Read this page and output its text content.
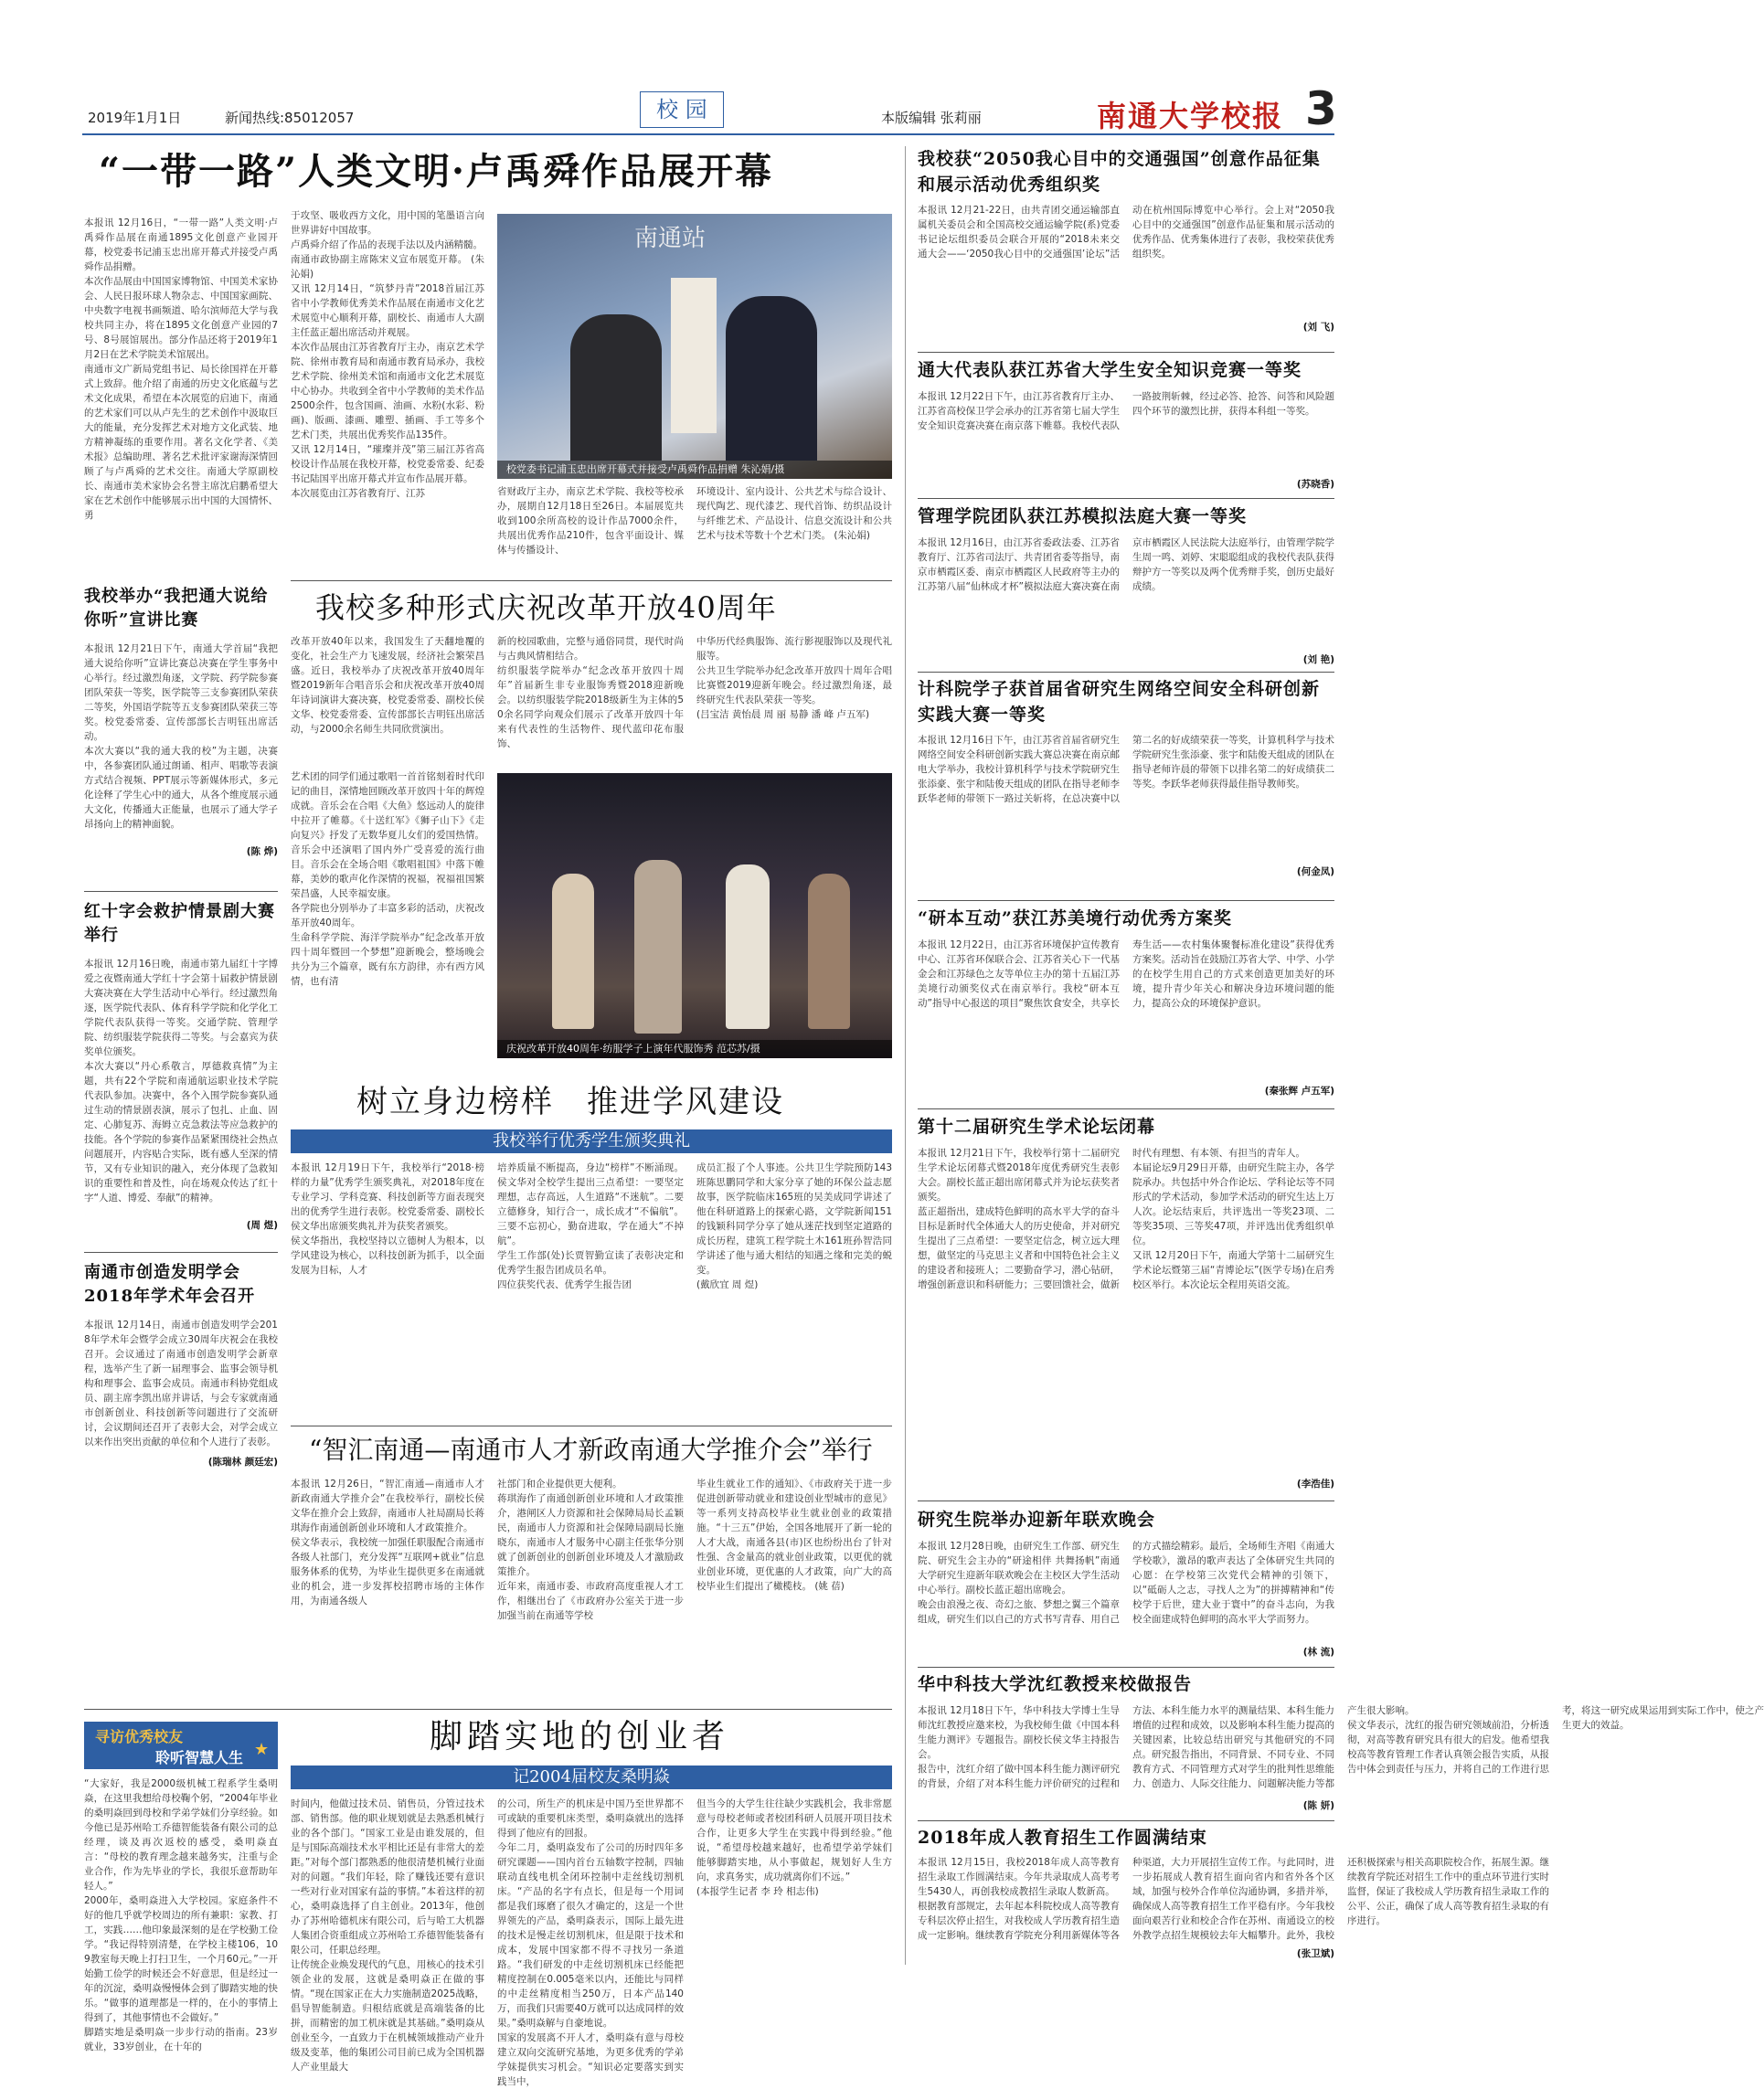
2019年1月1日	新闻热线:85012057	校 园	本版编辑 张莉丽	南通大学校报 3
我校举办“我把通大说给你听”宣讲比赛
本报讯 12月21日下午，南通大学首届“我把通大说给你听”宣讲比赛总决赛在学生事务中心举行。经过激烈角逐，文学院、药学院参赛团队荣获一等奖，医学院等三支参赛团队荣获二等奖，外国语学院等五支参赛团队荣获三等奖。校党委常委、宣传部部长吉明钰出席活动。
本次大赛以“我的通大我的校”为主题，决赛中，各参赛团队通过朗诵、相声、唱歌等表演方式结合视频、PPT展示等新媒体形式，多元化诠释了学生心中的通大，从各个维度展示通大文化，传播通大正能量，也展示了通大学子昂扬向上的精神面貌。
(陈 烨)
红十字会救护情景剧大赛举行
本报讯 12月16日晚，南通市第九届红十字博爱之夜暨南通大学红十字会第十届救护情景剧大赛决赛在大学生活动中心举行。经过激烈角逐，医学院代表队、体育科学学院和化学化工学院代表队获得一等奖。交通学院、管理学院、纺织服装学院获得二等奖。与会嘉宾为获奖单位颁奖。
本次大赛以“丹心系敬言，厚德救真情”为主题，共有22个学院和南通航运职业技术学院代表队参加。决赛中，各个入围学院参赛队通过生动的情景剧表演，展示了包扎、止血、固定、心肺复苏、海姆立克急救法等应急救护的技能。各个学院的参赛作品紧紧围绕社会热点问题展开，内容贴合实际，既有感人至深的情节，又有专业知识的融入，充分体现了急救知识的重要性和普及性，向在场观众传达了红十字“人道、博爱、奉献”的精神。
(周 煜)
南通市创造发明学会2018年学术年会召开
本报讯 12月14日，南通市创造发明学会2018年学术年会暨学会成立30周年庆祝会在我校召开。会议通过了南通市创造发明学会新章程，选举产生了新一届理事会、监事会领导机构和理事会、监事会成员。南通市科协党组成员、副主席李凯出席并讲话，与会专家就南通市创新创业、科技创新等问题进行了交流研讨，会议期间还召开了表彰大会，对学会成立以来作出突出贡献的单位和个人进行了表彰。
(陈瑞林 颜廷宏)
“一带一路”人类文明·卢禹舜作品展开幕
本报讯 12月16日，“一带一路”人类文明·卢禹舜作品展在南通1895文化创意产业园开幕，校党委书记浦玉忠出席开幕式并接受卢禹舜作品捐赠。
本次作品展由中国国家博物馆、中国美术家协会、人民日报环球人物杂志、中国国家画院、中央数字电视书画频道、哈尔滨师范大学与我校共同主办，将在1895文化创意产业园的7号、8号展馆展出。部分作品还将于2019年1月2日在艺术学院美术馆展出。
南通市文广新局党组书记、局长徐国祥在开幕式上致辞。他介绍了南通的历史文化底蕴与艺术文化成果，希望在本次展览的启迪下，南通的艺术家们可以从卢先生的艺术创作中汲取巨大的能量，充分发挥艺术对地方文化武装、地方精神凝练的重要作用。著名文化学者、《美术报》总编助理、著名艺术批评家谢海深情回顾了与卢禹舜的艺术交往。南通大学原副校长、南通市美术家协会名誉主席沈启鹏希望大家在艺术创作中能够展示出中国的大国情怀、勇
于攻坚、吸收西方文化，用中国的笔墨语言向世界讲好中国故事。
卢禹舜介绍了作品的表现手法以及内涵精髓。
南通市政协副主席陈宋义宣布展览开幕。 (朱沁娟)
又讯 12月14日，“筑梦丹青”2018首届江苏省中小学教师优秀美术作品展在南通市文化艺术展览中心顺利开幕，副校长、南通市人大副主任蓝正超出席活动并观展。
本次作品展由江苏省教育厅主办，南京艺术学院、徐州市教育局和南通市教育局承办，我校艺术学院、徐州美术馆和南通市文化艺术展览中心协办。共收到全省中小学教师的美术作品2500余件，包含国画、油画、水粉(水彩、粉画)、版画、漆画、雕塑、插画、手工等多个艺术门类，共展出优秀奖作品135件。
又讯 12月14日，“璀璨并茂”第三届江苏省高校设计作品展在我校开幕，校党委常委、纪委书记陆国平出席开幕式并宣布作品展开幕。
本次展览由江苏省教育厅、江苏
南通站
校党委书记浦玉忠出席开幕式并接受卢禹舜作品捐赠 朱沁娟/摄
省财政厅主办，南京艺术学院、我校等校承办，展期自12月18日至26日。本届展览共收到100余所高校的设计作品7000余件，共展出优秀作品210件，包含平面设计、媒体与传播设计、
环境设计、室内设计、公共艺术与综合设计、现代陶艺、现代漆艺、现代首饰、纺织品设计与纤维艺术、产品设计、信息交流设计和公共艺术与技术等数十个艺术门类。 (朱沁娟)
我校多种形式庆祝改革开放40周年
改革开放40年以来，我国发生了天翻地覆的变化，社会生产力飞速发展，经济社会繁荣昌盛。近日，我校举办了庆祝改革开放40周年暨2019新年合唱音乐会和庆祝改革开放40周年诗词演讲大赛决赛，校党委常委、副校长侯文华、校党委常委、宣传部部长吉明钰出席活动，与2000余名师生共同欣赏演出。
艺术团的同学们通过歌唱一首首铭刻着时代印记的曲目，深情地回顾改革开放四十年的辉煌成就。音乐会在合唱《大鱼》悠远动人的旋律中拉开了帷幕。《十送红军》《狮子山下》《走向复兴》抒发了无数华夏儿女们的爱国热情。音乐会中还演唱了国内外广受喜爱的流行曲目。音乐会在全场合唱《歌唱祖国》中落下帷幕，美妙的歌声化作深情的祝福，祝福祖国繁荣昌盛，人民幸福安康。
各学院也分别举办了丰富多彩的活动，庆祝改革开放40周年。
生命科学学院、海洋学院举办“纪念改革开放四十周年暨回一个梦想”迎新晚会，整场晚会共分为三个篇章，既有东方韵律，亦有西方风情，也有清
新的校园歌曲，完整与通俗同贯，现代时尚与古典风情相结合。
纺织服装学院举办“纪念改革开放四十周年”首届新生非专业服饰秀暨2018迎新晚会。以纺织服装学院2018级新生为主体的50余名同学向观众们展示了改革开放四十年来有代表性的生活物件、现代蓝印花布服饰、
中华历代经典服饰、流行影视服饰以及现代礼服等。
公共卫生学院举办纪念改革开放四十周年合唱比赛暨2019迎新年晚会。经过激烈角逐，最终研究生代表队荣获一等奖。
(吕宝洁 黄怡晨 周 丽 易静 潘 峰 卢五军)
庆祝改革开放40周年·纺服学子上演年代服饰秀 范芯苏/摄
树立身边榜样　推进学风建设
我校举行优秀学生颁奖典礼
本报讯 12月19日下午，我校举行“2018·榜样的力量”优秀学生颁奖典礼，对2018年度在专业学习、学科竞赛、科技创新等方面表现突出的优秀学生进行表彰。校党委常委、副校长侯文华出席颁奖典礼并为获奖者颁奖。
侯文华指出，我校坚持以立德树人为根本，以学风建设为核心，以科技创新为抓手，以全面发展为目标，人才
培养质量不断提高，身边“榜样”不断涌现。侯文华对全校学生提出三点希望：一要坚定理想，志存高远，人生道路“不迷航”。二要立德修身，知行合一，成长成才“不偏航”。三要不忘初心，勤奋进取，学在通大“不掉航”。
学生工作部(处)长贾智勤宣读了表彰决定和优秀学生报告团成员名单。
四位获奖代表、优秀学生报告团
成员汇报了个人事迹。公共卫生学院预防143班陈思鹏同学和大家分享了她的环保公益志愿故事，医学院临床165班的吴美成同学讲述了他在科研道路上的探索心路，文学院新闻151的钱颖科同学分享了她从迷茫找到坚定道路的成长历程，建筑工程学院土木161班孙智浩同学讲述了他与通大相结的知遇之缘和完美的蜕变。
(戴欣宜 周 煜)
“智汇南通—南通市人才新政南通大学推介会”举行
本报讯 12月26日，“智汇南通—南通市人才新政南通大学推介会”在我校举行，副校长侯文华在推介会上致辞，南通市人社局副局长蒋琪海作南通创新创业环境和人才政策推介。
侯文华表示，我校统一加强任职服配合南通市各级人社部门，充分发挥“互联网+就业”信息服务体系的优势，为毕业生提供更多在南通就业的机会，进一步发挥校招聘市场的主体作用，为南通各级人
社部门和企业提供更大便利。
蒋琪海作了南通创新创业环境和人才政策推介，港闸区人力资源和社会保障局局长孟颖民，南通市人力资源和社会保障局副局长施晓东，南通市人才服务中心副主任张华分别就了创新创业的创新创业环境及人才激励政策推介。
近年来，南通市委、市政府高度重视人才工作，相继出台了《市政府办公室关于进一步加强当前在南通等学校
毕业生就业工作的通知》、《市政府关于进一步促进创新带动就业和建设创业型城市的意见》等一系列支持高校毕业生就业创业的政策措施。“十三五”伊始，全国各地展开了新一轮的人才大战，南通各县(市)区也纷纷出台了针对性强、含金量高的就业创业政策，以更优的就业创业环境，更优惠的人才政策，向广大的高校毕业生们提出了橄榄枝。 (姚 蓓)
寻访优秀校友
聆听智慧人生 ★	脚踏实地的创业者
记2004届校友桑明焱
“大家好，我是2000级机械工程系学生桑明焱，在这里我想给母校鞠个躬，“2004年毕业的桑明焱回到母校和学弟学妹们分享经验。如今他已是苏州哈工乔德智能装备有限公司的总经理，谈及再次返校的感受，桑明焱直言：“母校的教育理念越来越务实，注重与企业合作，作为先毕业的学长，我很乐意帮助年轻人。”
2000年，桑明焱进入大学校园。家庭条件不好的他几乎就学校周边的所有兼职：家教、打工，实践……他印象最深刻的是在学校勤工俭学。“我记得特别清楚，在学校主楼106，109教室每天晚上打扫卫生，一个月60元。”一开始勤工俭学的时候还会不好意思，但是经过一年的沉淀，桑明焱慢慢体会到了脚踏实地的快乐。“做事的道理都是一样的，在小的事情上得到了，其他事情也不会做好。”
脚踏实地是桑明焱一步步行动的指南。23岁就业，33岁创业，在十年的
时间内，他做过技术员、销售员，分管过技术部、销售部。他的职业规划就是去熟悉机械行业的各个部门。“国家工业是由谁发展的，但是与国际高端技术水平相比还是有非常大的差距。”对每个部门都熟悉的他很清楚机械行业面对的问题。“我们年轻，除了赚钱还要有意识一些对行业对国家有益的事情。”本着这样的初心，桑明焱选择了自主创业。2013年，他创办了苏州哈德机床有限公司，后与哈工大机器人集团合资重组成立苏州哈工乔德智能装备有限公司，任职总经理。
让传统企业焕发现代的气息，用核心的技术引领企业的发展，这就是桑明焱正在做的事情。“现在国家正在大力实施制造2025战略，倡导智能制造。归根结底就是高端装备的比拼，而精密的加工机床就是其基础。”桑明焱从创业至今，一直致力于在机械领域推动产业升级及变革，他的集团公司目前已成为全国机器人产业里最大
的公司，所生产的机床是中国乃至世界都不可或缺的重要机床类型，桑明焱就出的选择得到了他应有的回报。
今年二月，桑明焱发布了公司的历时四年多研究课题——国内首台五轴数字控制，四轴联动直线电机全闭环控制中走丝线切割机床。“产品的名字有点长，但是每一个用词都是我们琢磨了很久才确定的，这是一个世界领先的产品，桑明焱表示，国际上最先进的技术是慢走丝切割机床，但是限于技术和成本，发展中国家都不得不寻找另一条道路。“我们研发的中走丝切割机床已经能把精度控制在0.005毫米以内，还能比与同样的中走丝精度相当250万，日本产品140万，而我们只需要40万就可以达成同样的效果。”桑明焱解与自豪地说。
国家的发展离不开人才，桑明焱有意与母校建立双向交流研究基地，为更多优秀的学弟学妹提供实习机会。“知识必定要落实到实践当中，
但当今的大学生往往缺少实践机会，我非常愿意与母校老师或者校团科研人员展开项目技术合作，让更多大学生在实践中得到经验。”他说，“希望母校越来越好，也希望学弟学妹们能够脚踏实地，从小事做起，规划好人生方向，求真务实，成功就离你们不远。”
(本报学生记者 李 玲 相志伟)
我校获“2050我心目中的交通强国”创意作品征集和展示活动优秀组织奖
本报讯 12月21-22日，由共青团交通运输部直属机关委员会和全国高校交通运输学院(系)党委书记论坛组织委员会联合开展的“2018未来交通大会——‘2050我心目中的交通强国’论坛”活动在杭州国际博览中心举行。会上对“2050我心目中的交通强国”创意作品征集和展示活动的优秀作品、优秀集体进行了表彰，我校荣获优秀组织奖。
(刘 飞)
通大代表队获江苏省大学生安全知识竞赛一等奖
本报讯 12月22日下午，由江苏省教育厅主办、江苏省高校保卫学会承办的江苏省第七届大学生安全知识竞赛决赛在南京落下帷幕。我校代表队一路披荆斩棘，经过必答、抢答、问答和风险题四个环节的激烈比拼，获得本科组一等奖。
(苏晓香)
管理学院团队获江苏模拟法庭大赛一等奖
本报讯 12月16日，由江苏省委政法委、江苏省教育厅、江苏省司法厅、共青团省委等指导，南京市栖霞区委、南京市栖霞区人民政府等主办的江苏第八届“仙林成才杯”模拟法庭大赛决赛在南京市栖霞区人民法院大法庭举行，由管理学院学生周一鸣、刘婷、宋聪聪组成的我校代表队获得辩护方一等奖以及两个优秀辩手奖，创历史最好成绩。
(刘 艳)
计科院学子获首届省研究生网络空间安全科研创新实践大赛一等奖
本报讯 12月16日下午，由江苏省首届省研究生网络空间安全科研创新实践大赛总决赛在南京邮电大学举办，我校计算机科学与技术学院研究生张添豪、张宇和陆俊天组成的团队在指导老师李跃华老师的带领下一路过关斩将，在总决赛中以第二名的好成绩荣获一等奖，计算机科学与技术学院研究生张添豪、张宇和陆俊天组成的团队在指导老师许晨的带领下以排名第二的好成绩获二等奖。李跃华老师获得最佳指导教师奖。
(何金凤)
“研本互动”获江苏美境行动优秀方案奖
本报讯 12月22日，由江苏省环境保护宣传教育中心、江苏省环保联合会、江苏省关心下一代基金会和江苏绿色之友等单位主办的第十五届江苏美境行动颁奖仪式在南京举行。我校“研本互动”指导中心报送的项目“聚焦饮食安全，共享长寿生活——农村集体聚餐标准化建设”获得优秀方案奖。活动旨在鼓励江苏省大学、中学、小学的在校学生用自己的方式来创造更加美好的环境，提升青少年关心和解决身边环境问题的能力，提高公众的环境保护意识。
(秦张辉 卢五军)
第十二届研究生学术论坛闭幕
本报讯 12月21日下午，我校举行第十二届研究生学术论坛闭幕式暨2018年度优秀研究生表彰大会。副校长蓝正超出席闭幕式并为论坛获奖者颁奖。
蓝正超指出，建成特色鲜明的高水平大学的奋斗目标是新时代全体通大人的历史使命，并对研究生提出了三点希望：一要坚定信念，树立远大理想，做坚定的马克思主义者和中国特色社会主义的建设者和接班人；二要勤奋学习，潜心钻研，增强创新意识和科研能力；三要回馈社会，做新时代有理想、有本领、有担当的青年人。
本届论坛9月29日开幕，由研究生院主办，各学院承办。共包括中外合作论坛、学科论坛等不同形式的学术活动，参加学术活动的研究生达上万人次。论坛结束后，共评选出一等奖23项、二等奖35项、三等奖47项，并评选出优秀组织单位。
又讯 12月20日下午，南通大学第十二届研究生学术论坛暨第三届“青博论坛”(医学专场)在启秀校区举行。本次论坛全程用英语交流。
(李浩佳)
研究生院举办迎新年联欢晚会
本报讯 12月28日晚，由研究生工作部、研究生院、研究生会主办的“研途相伴 共舞扬帆”南通大学研究生迎新年联欢晚会在主校区大学生活动中心举行。副校长蓝正超出席晚会。
晚会由浪漫之夜、奇幻之旅、梦想之翼三个篇章组成，研究生们以自己的方式书写青春、用自己的方式描绘精彩。最后，全场师生齐唱《南通大学校歌》，激昂的歌声表达了全体研究生共同的心愿：在学校第三次党代会精神的引领下，以“砥砺人之志，寻找人之为”的拼搏精神和“传校学于后世，建大业于寰中”的奋斗志向，为我校全面建成特色鲜明的高水平大学而努力。
(林 流)
华中科技大学沈红教授来校做报告
本报讯 12月18日下午，华中科技大学博士生导师沈红教授应邀来校，为我校师生做《中国本科生能力测评》专题报告。副校长侯文华主持报告会。
报告中，沈红介绍了做中国本科生能力测评研究的背景，介绍了对本科生能力评价研究的过程和方法、本科生能力水平的测量结果、本科生能力增值的过程和成效，以及影响本科生能力提高的关键因素，比较总结出研究与其他研究的不同点。研究报告指出，不同背景、不同专业、不同教育方式、不同管理方式对学生的批判性思维能力、创造力、人际交往能力、问题解决能力等都产生很大影响。
侯文华表示，沈红的报告研究领域前沿，分析透彻，对高等教育研究具有很大的启发。他希望我校高等教育管理工作者认真领会报告实质，从报告中体会到责任与压力，并将自己的工作进行思考，将这一研究成果运用到实际工作中，使之产生更大的效益。
(陈 妍)
2018年成人教育招生工作圆满结束
本报讯 12月15日，我校2018年成人高等教育招生录取工作圆满结束。今年共录取成人高考考生5430人，再创我校成教招生录取人数新高。
根据教育部规定，去年起本科院校成人高等教育专科层次停止招生，对我校成人学历教育招生造成一定影响。继续教育学院充分利用新媒体等各种渠道，大力开展招生宣传工作。与此同时，进一步拓展成人教育招生面向省内和省外各个区域，加强与校外合作单位沟通协调，多措并举，确保成人高等教育招生工作平稳有序。今年我校面向艰苦行业和校企合作在苏州、南通设立的校外教学点招生规模较去年大幅攀升。此外，我校还积极探索与相关高职院校合作，拓展生源。继续教育学院还对招生工作中的重点环节进行实时监督，保证了我校成人学历教育招生录取工作的公平、公正，确保了成人高等教育招生录取的有序进行。
(张卫斌)
